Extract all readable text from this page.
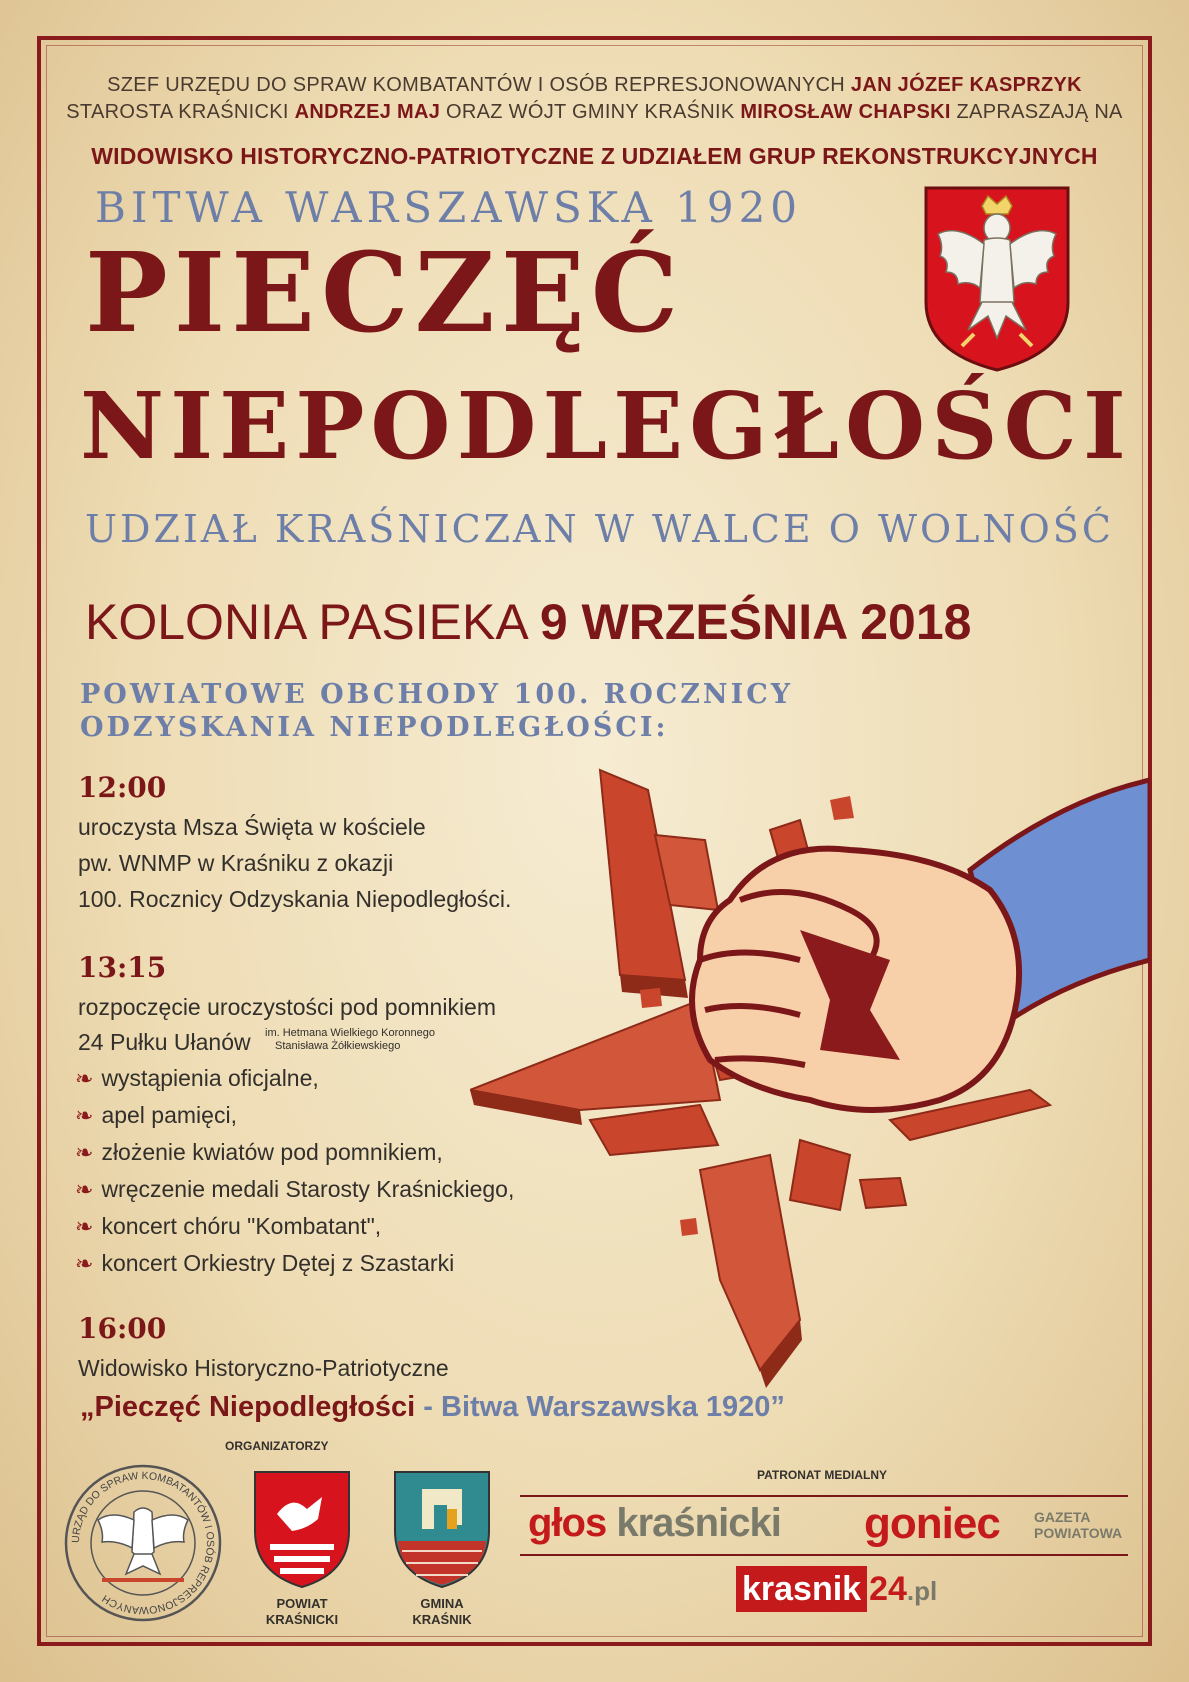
SZEF URZĘDU DO SPRAW KOMBATANTÓW I OSÓB REPRESJONOWANYCH JAN JÓZEF KASPRZYK

STAROSTA KRAŚNICKI ANDRZEJ MAJ ORAZ WÓJT GMINY KRAŚNIK MIROSŁAW CHAPSKI ZAPRASZAJĄ NA

WIDOWISKO HISTORYCZNO-PATRIOTYCZNE Z UDZIAŁEM GRUP REKONSTRUKCYJNYCH

BITWA WARSZAWSKA 1920

PIECZĘĆ

NIEPODLEGŁOŚCI

UDZIAŁ KRAŚNICZAN W WALCE O WOLNOŚĆ

KOLONIA PASIEKA 9 WRZEŚNIA 2018

POWIATOWE OBCHODY 100. ROCZNICY

ODZYSKANIA NIEPODLEGŁOŚCI:

12:00

uroczysta Msza Święta w kościele

pw. WNMP w Kraśniku z okazji

100. Rocznicy Odzyskania Niepodległości.

13:15

rozpoczęcie uroczystości pod pomnikiem

24 Pułku Ułanów im. Hetmana Wielkiego Koronnego

Stanisława Żółkiewskiego

❧ wystąpienia oficjalne,
❧ apel pamięci,
❧ złożenie kwiatów pod pomnikiem,
❧ wręczenie medali Starosty Kraśnickiego,
❧ koncert chóru "Kombatant",
❧ koncert Orkiestry Dętej z Szastarki

16:00

Widowisko Historyczno-Patriotyczne

„Pieczęć Niepodległości - Bitwa Warszawska 1920”

ORGANIZATORZY

URZĄD DO SPRAW KOMBATANTÓW I OSÓB REPRESJONOWANYCH	POWIAT
KRAŚNICKI

GMINA
KRAŚNIK

PATRONAT MEDIALNY

głos kraśnicki goniec GAZETA
POWIATOWA

krasnik 24.pl
